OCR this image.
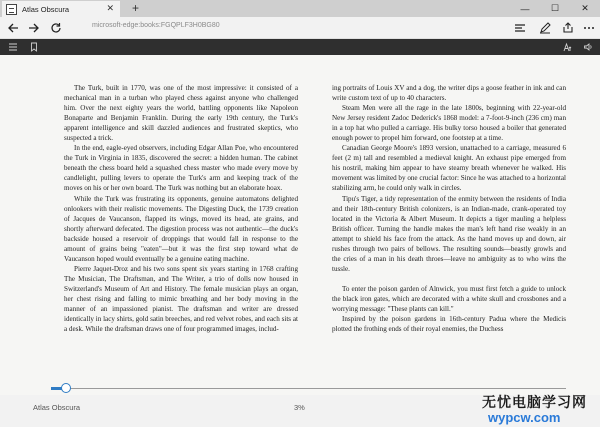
Atlas Obscura	✕ +	—	☐	✕
microsoft-edge:books:FGQPLF3H0BG80

The Turk, built in 1770, was one of the most impressive: it consisted of a mechanical man in a turban who played chess against anyone who challenged him. Over the next eighty years the world, battling opponents like Napoleon Bonaparte and Benjamin Franklin. During the early 19th century, the Turk's apparent intelligence and skill dazzled audiences and frustrated skeptics, who suspected a trick.

In the end, eagle-eyed observers, including Edgar Allan Poe, who encountered the Turk in Virginia in 1835, discovered the secret: a hidden human. The cabinet beneath the chess board held a squashed chess master who made every move by candlelight, pulling levers to operate the Turk's arm and keeping track of the moves on his or her own board. The Turk was nothing but an elaborate hoax.

While the Turk was frustrating its opponents, genuine automatons delighted onlookers with their realistic movements. The Digesting Duck, the 1739 creation of Jacques de Vaucanson, flapped its wings, moved its head, ate grains, and shortly afterward defecated. The digestion process was not authentic—the duck's backside housed a reservoir of droppings that would fall in response to the amount of grains being "eaten"—but it was the first step toward what de Vaucanson hoped would eventually be a genuine eating machine.

Pierre Jaquet-Droz and his two sons spent six years starting in 1768 crafting The Musician, The Draftsman, and The Writer, a trio of dolls now housed in Switzerland's Museum of Art and History. The female musician plays an organ, her chest rising and falling to mimic breathing and her body moving in the manner of an impassioned pianist. The draftsman and writer are dressed identically in lacy shirts, gold satin breeches, and red velvet robes, and each sits at a desk. While the draftsman draws one of four programmed images, includ-

ing portraits of Louis XV and a dog, the writer dips a goose feather in ink and can write custom text of up to 40 characters.

Steam Men were all the rage in the late 1800s, beginning with 22-year-old New Jersey resident Zadoc Dederick's 1868 model: a 7-foot-9-inch (236 cm) man in a top hat who pulled a carriage. His bulky torso housed a boiler that generated enough power to propel him forward, one footstep at a time.

Canadian George Moore's 1893 version, unattached to a carriage, measured 6 feet (2 m) tall and resembled a medieval knight. An exhaust pipe emerged from his nostril, making him appear to have steamy breath whenever he walked. His movement was limited by one crucial factor: Since he was attached to a horizontal stabilizing arm, he could only walk in circles.

Tipu's Tiger, a tidy representation of the enmity between the residents of India and their 18th-century British colonizers, is an Indian-made, crank-operated toy located in the Victoria & Albert Museum. It depicts a tiger mauling a helpless British officer. Turning the handle makes the man's left hand rise weakly in an attempt to shield his face from the attack. As the hand moves up and down, air rushes through two pairs of bellows. The resulting sounds—beastly growls and the cries of a man in his death throes—leave no ambiguity as to who wins the tussle.

To enter the poison garden of Alnwick, you must first fetch a guide to unlock the black iron gates, which are decorated with a white skull and crossbones and a worrying message: "These plants can kill."

Inspired by the poison gardens in 16th-century Padua where the Medicis plotted the frothing ends of their royal enemies, the Duchess

Atlas Obscura	3%	无忧电脑学习网
wypcw.com
